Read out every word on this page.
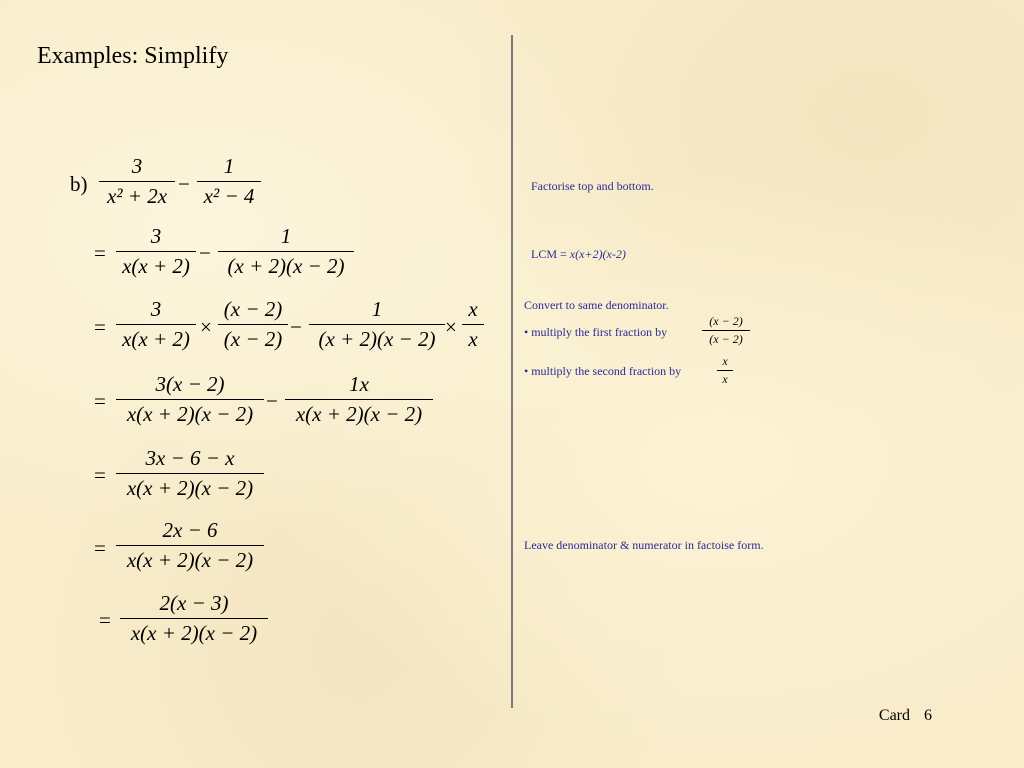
Examples: Simplify
b)
3
x² + 2x −
1
x² − 4
=
3
x(x + 2)
−
1
(x + 2)(x − 2)
=
3
x(x + 2) ×
(x − 2)
(x − 2) −
1
(x + 2)(x − 2) ×
x
x
=
3(x − 2)
x(x + 2)(x − 2)
−
1x
x(x + 2)(x − 2)
=
3x − 6 − x
x(x + 2)(x − 2)
=
2x − 6
x(x + 2)(x − 2)
=
2(x − 3)
x(x + 2)(x − 2)
Factorise top and bottom.
LCM = x(x+2)(x-2)
Convert to same denominator.
• multiply the first fraction by
(x − 2)
(x − 2)
• multiply the second fraction by
x
x
Leave denominator & numerator in factoise form.
Card 6
